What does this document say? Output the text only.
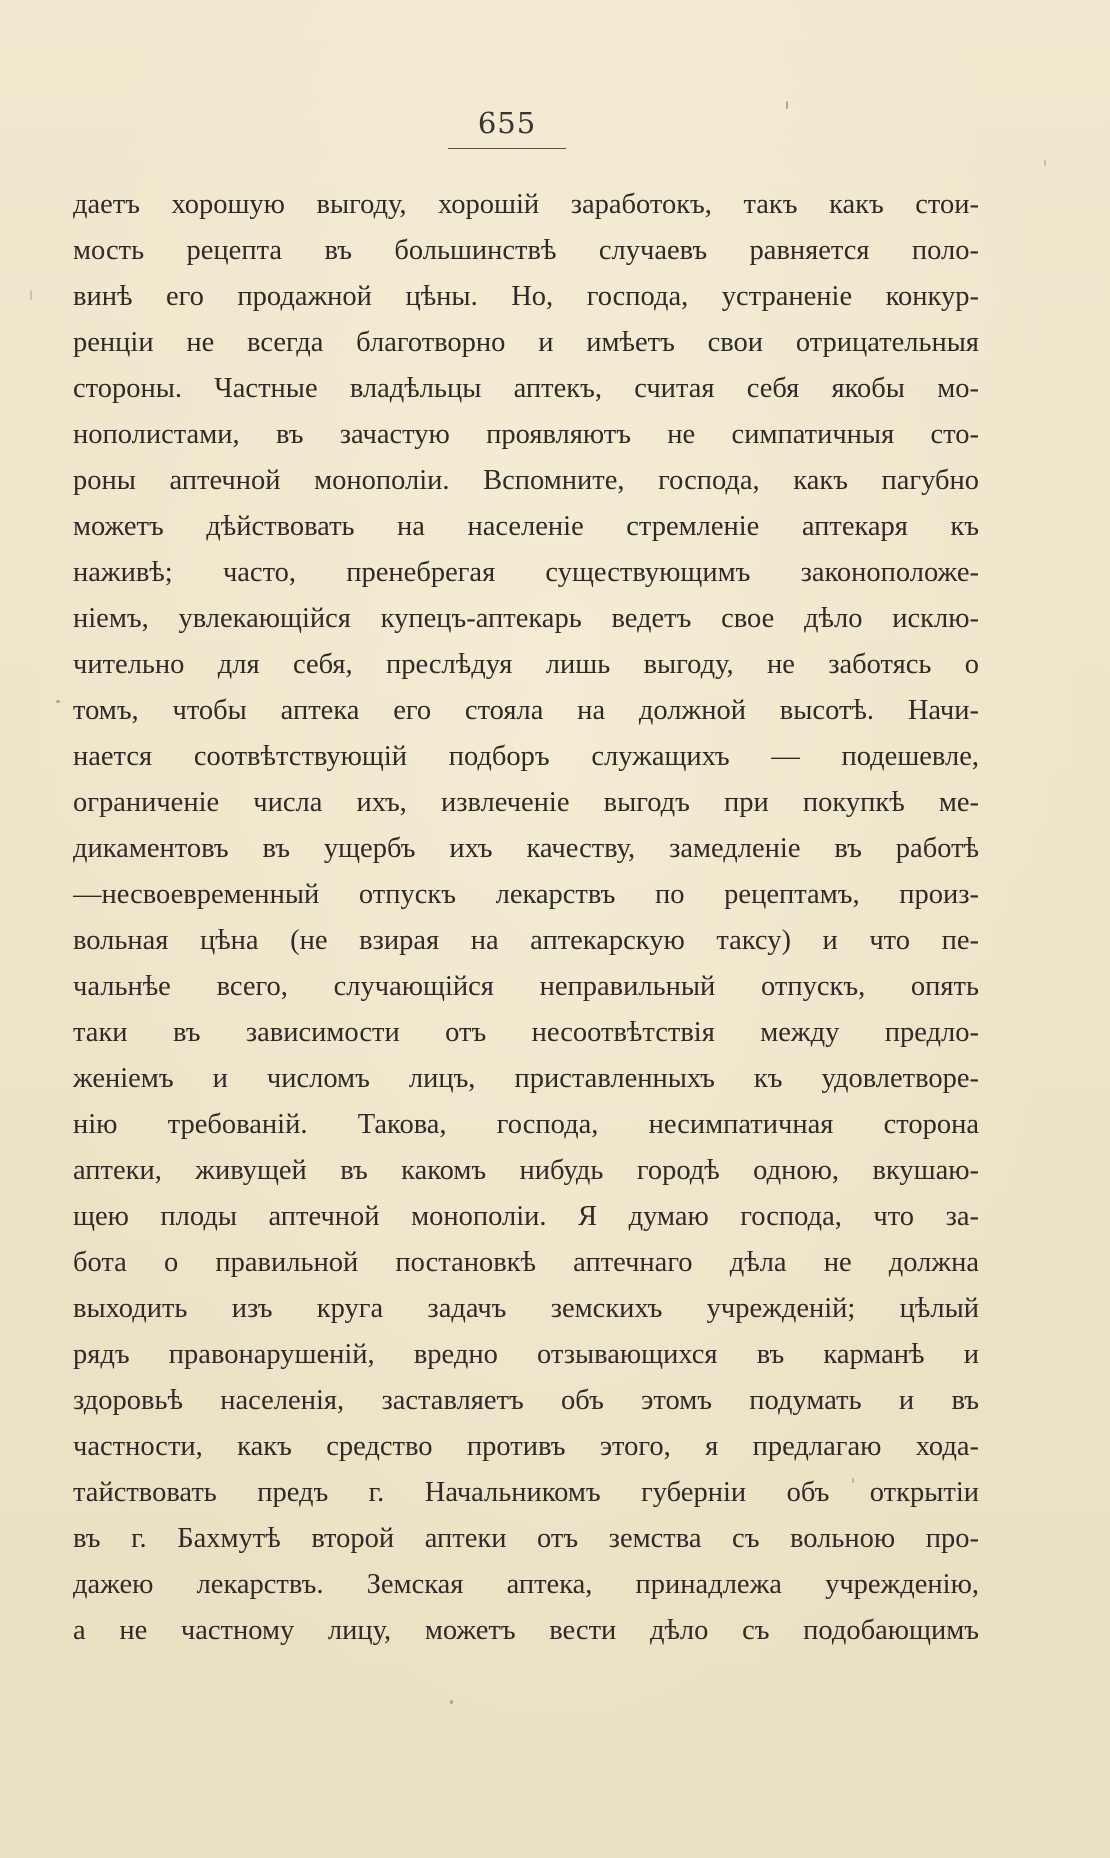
655
даетъ хорошую выгоду, хорошiй заработокъ, такъ какъ стои-
мость рецепта въ большинствѣ случаевъ равняется поло-
винѣ его продажной цѣны. Но, господа, устраненiе конкур-
ренцiи не всегда благотворно и имѣетъ свои отрицательныя
стороны. Частные владѣльцы аптекъ, считая себя якобы мо-
нополистами, въ зачастую проявляютъ не симпатичныя сто-
роны аптечной монополiи. Вспомните, господа, какъ пагубно
можетъ дѣйствовать на населенiе стремленiе аптекаря къ
наживѣ; часто, пренебрегая существующимъ законоположе-
нiемъ, увлекающiйся купецъ-аптекарь ведетъ свое дѣло исклю-
чительно для себя, преслѣдуя лишь выгоду, не заботясь о
томъ, чтобы аптека его стояла на должной высотѣ. Начи-
нается соотвѣтствующiй подборъ служащихъ — подешевле,
ограниченiе числа ихъ, извлеченiе выгодъ при покупкѣ ме-
дикаментовъ въ ущербъ ихъ качеству, замедленiе въ работѣ
—несвоевременный отпускъ лекарствъ по рецептамъ, произ-
вольная цѣна (не взирая на аптекарскую таксу) и что пе-
чальнѣе всего, случающiйся неправильный отпускъ, опять
таки въ зависимости отъ несоотвѣтствiя между предло-
женiемъ и числомъ лицъ, приставленныхъ къ удовлетворе-
нiю требованiй. Такова, господа, несимпатичная сторона
аптеки, живущей въ какомъ нибудь городѣ одною, вкушаю-
щею плоды аптечной монополiи. Я думаю господа, что за-
бота о правильной постановкѣ аптечнаго дѣла не должна
выходить изъ круга задачъ земскихъ учрежденiй; цѣлый
рядъ правонарушенiй, вредно отзывающихся въ карманѣ и
здоровьѣ населенiя, заставляетъ объ этомъ подумать и въ
частности, какъ средство противъ этого, я предлагаю хода-
тайствовать предъ г. Начальникомъ губернiи объ открытiи
въ г. Бахмутѣ второй аптеки отъ земства съ вольною про-
дажею лекарствъ. Земская аптека, принадлежа учрежденiю,
а не частному лицу, можетъ вести дѣло съ подобающимъ
